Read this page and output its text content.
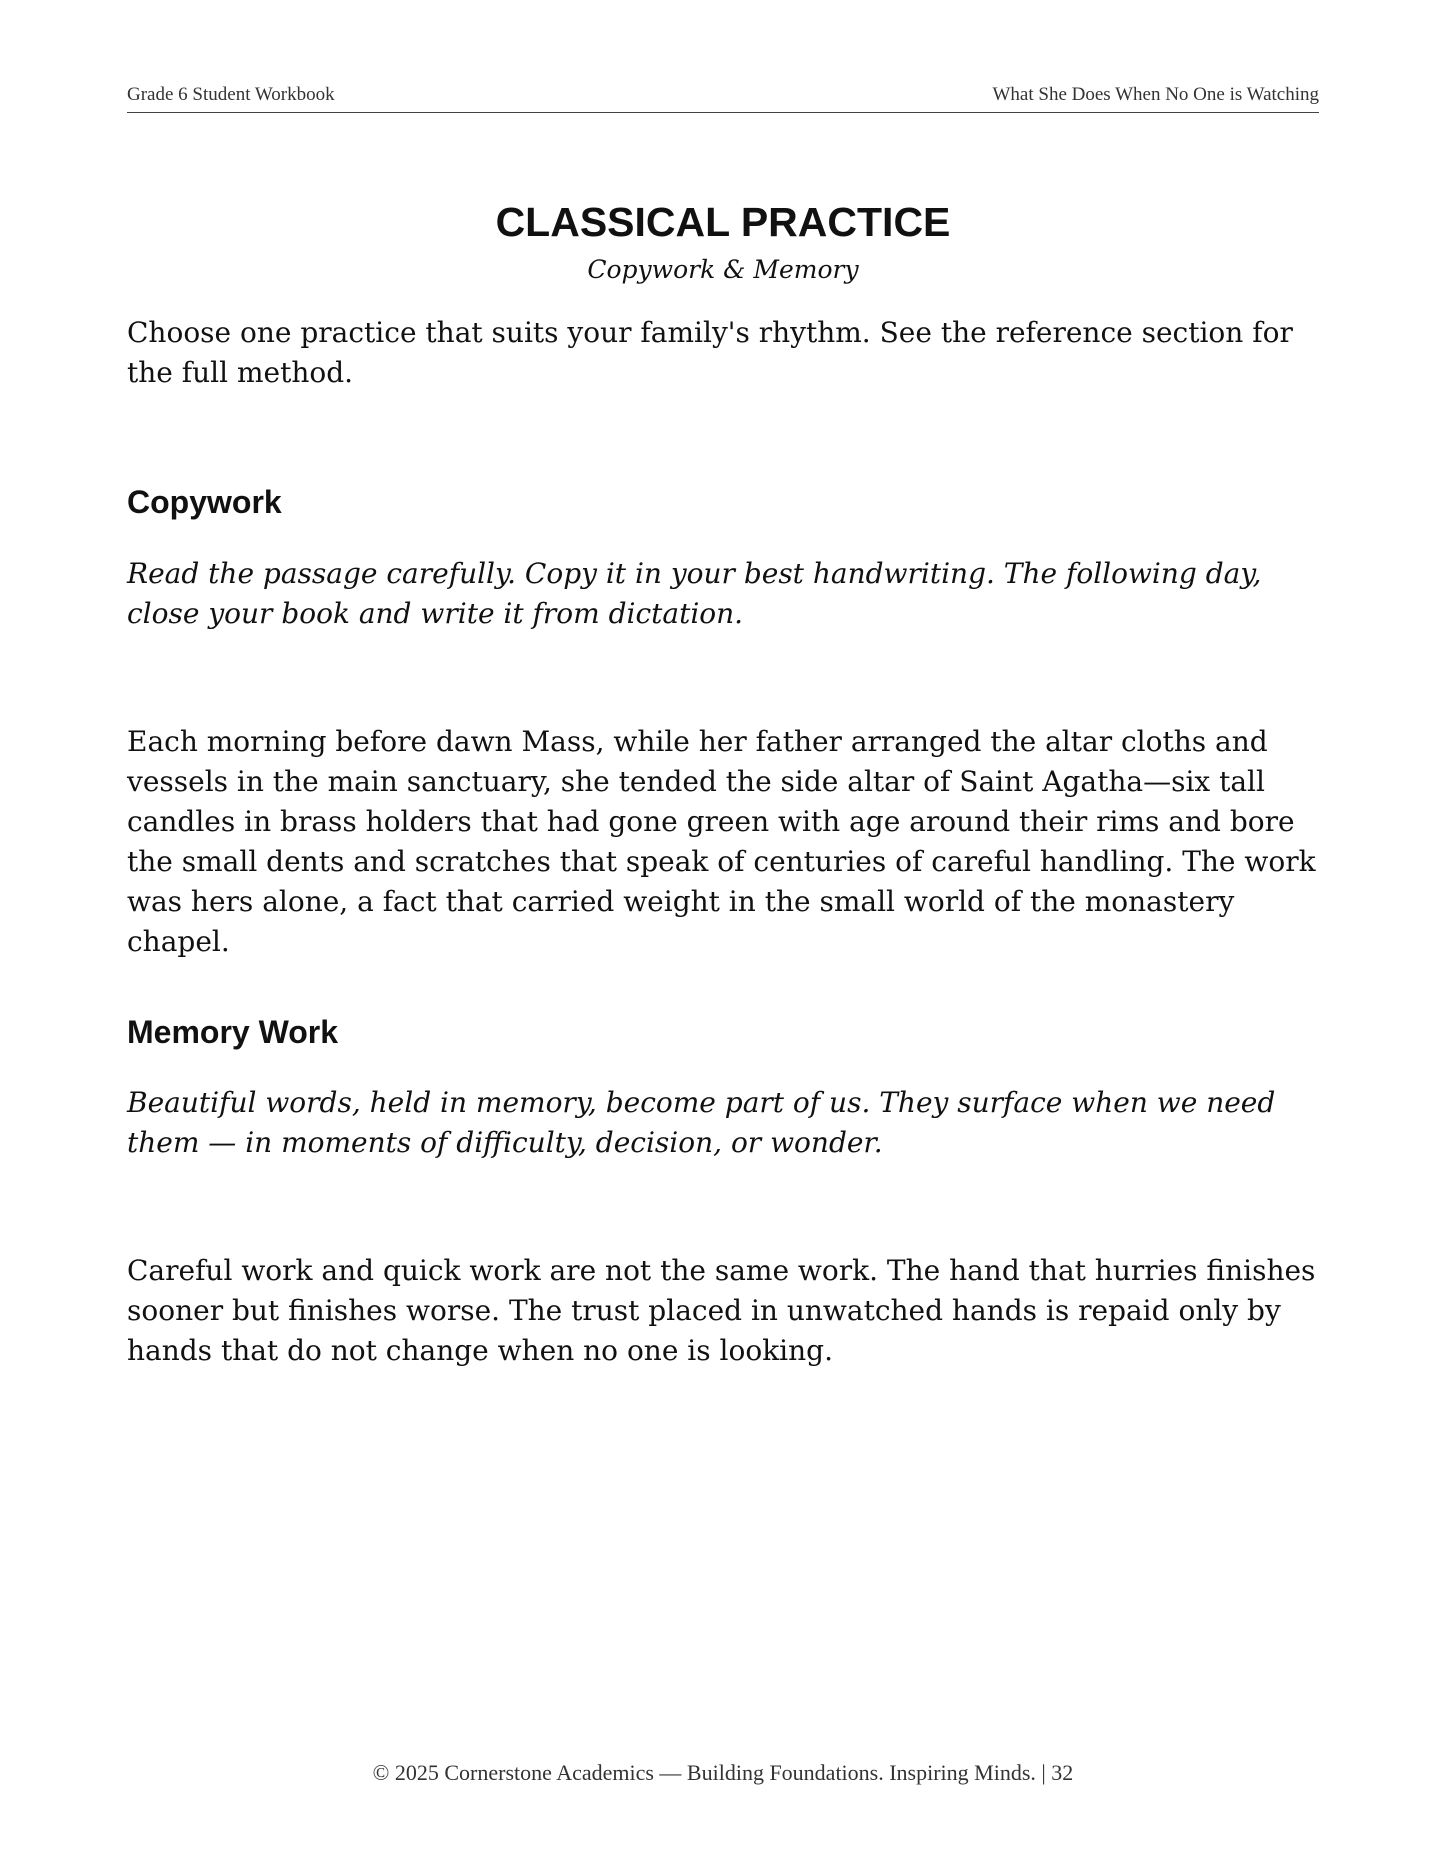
Grade 6 Student Workbook	What She Does When No One is Watching
CLASSICAL PRACTICE
Copywork & Memory

Choose one practice that suits your family's rhythm. See the reference section for the full method.

Copywork

Read the passage carefully. Copy it in your best handwriting. The following day, close your book and write it from dictation.

Each morning before dawn Mass, while her father arranged the altar cloths and vessels in the main sanctuary, she tended the side altar of Saint Agatha—six tall candles in brass holders that had gone green with age around their rims and bore the small dents and scratches that speak of centuries of careful handling. The work was hers alone, a fact that carried weight in the small world of the monastery chapel.

Memory Work

Beautiful words, held in memory, become part of us. They surface when we need them — in moments of difficulty, decision, or wonder.

Careful work and quick work are not the same work. The hand that hurries finishes sooner but finishes worse. The trust placed in unwatched hands is repaid only by hands that do not change when no one is looking.

© 2025 Cornerstone Academics — Building Foundations. Inspiring Minds. | 32
